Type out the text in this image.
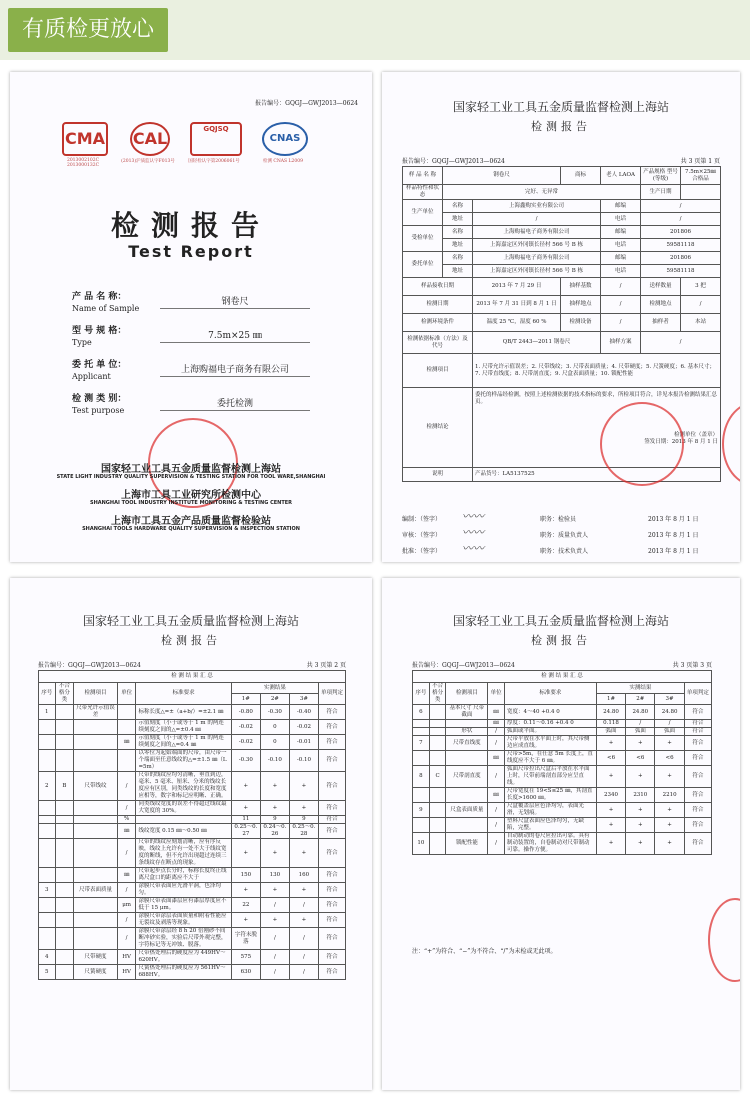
有质检更放心
报告编号：GQGJ—GWJ2013—0624
CMA
2013002102C 2013000132C
CAL
(2013)沪质监认字F013号
GQJSQ
国轻检认字第2006061号
CNAS
检测 CNAS L2009
检测报告
Test Report
产 品 名 称：
Name of Sample
钢卷尺
型 号 规 格：
Type
7.5m×25 ㎜
委 托 单 位：
Applicant
上海购福电子商务有限公司
检 测 类 别：
Test purpose
委托检测
国家轻工业工具五金质量监督检测上海站
STATE LIGHT INDUSTRY QUALITY SUPERVISION & TESTING STATION FOR TOOL WARE,SHANGHAI
上海市工具工业研究所检测中心
SHANGHAI TOOL INDUSTRY INSTITUTE MONITORING & TESTING CENTER
上海市工具五金产品质量监督检验站
SHANGHAI TOOLS HARDWARE QUALITY SUPERVISION & INSPECTION STATION
国家轻工业工具五金质量监督检测上海站
检测报告
报告编号：GQGJ—GWJ2013—0624	共 3 页第 1 页
样 品 名 称	钢卷尺		商标	老人 LAOA	产品规格 型号 (等级)	7.5m×25㎜ 合格品
样品特性和状态	完好、无异常				生产日期	
生产单位	名称	上海鑫购实业有限公司		邮编	/	
	地址	/		电话	/	
受检单位	名称	上海购福电子商务有限公司		邮编	201806	
	地址	上海嘉定区外冈镇长径村 566 号 B 栋		电话	59581118	
委托单位	名称	上海购福电子商务有限公司		邮编	201806	
	地址	上海嘉定区外冈镇长径村 566 号 B 栋		电话	59581118	
样品接收日期		2013 年 7 月 29 日	抽样基数	/	送样数量	3 把
检测日期		2013 年 7 月 31 日到 8 月 1 日	抽样地点	/	检测地点	/
检测环境条件		温度 25 ℃，湿度 60 %	检测设备	/	抽样者	本站
检测依据标准（方法）及代号		QB/T 2443—2011 钢卷尺		抽样方案	/	
检测项目		1. 尺带允许示值误差；2. 尺带线纹；3. 尺带表面质量；4. 尺带硬度；5. 尺簧硬度；6. 基本尺寸；7. 尺带直线度；8. 尺带剖直度；9. 尺盒表面质量；10. 锁配性能				
检测结论		委托的样品经检测，按照上述检测依据的技术指标的要求，所检项目符合，详见本报告检测结果汇总页。
检测单位（盖章）
签发日期：2013 年 8 月 1 日				

说明		产品货号：LA5137525				
编制：（签字） 〰〰	职务：检验员	2013 年 8 月 1 日
审核：（签字） 〰〰	职务：质量负责人	2013 年 8 月 1 日
批准：（签字） 〰〰	职务：技术负责人	2013 年 8 月 1 日
国家轻工业工具五金质量监督检测上海站
检测报告
报告编号：GQGJ—GWJ2013—0624	共 3 页第 2 页
检 测 结 果 汇 总								
序号	不合格分类	检测项目	单位	标准要求	实测结果			单项判定
					1#	2#	3#	
1		尺带允许示值误差		标称长度△=±（a+b/）=±2.1 ㎜	-0.80	-0.30	-0.40	符合
				示值刻度（小于或等于 1 m 的两连续刻度之间的△=±0.4 ㎜	-0.02	0	-0.02	符合
			㎜	示值刻度（小于或等于 1 m 的两连续刻度之间的△=0.4 ㎜	-0.02	0	-0.01	符合
				以零位为起始端面的尺带，由尺带一个端面至任意线纹的△=±1.5 ㎜（L=5m）	-0.30	-0.10	-0.10	符合
2	B	尺带线纹	/	尺带的线纹应均匀清晰，垂直到边，毫米、5 毫米、厘米、分米的线纹长度应有区别，同类线纹的长度和宽度应相等，数字和标记应明晰、正确。	+	+	+	符合
			/	同类线纹宽度的误差不得超过线纹最大宽度的 30%。	+	+	+	符合
			%		11	9	9	符合
			㎜	线纹宽度 0.15 ㎜～0.50 ㎜	0.25～0.27	0.24～0.26	0.25～0.28	符合
			/	尺带的线纹应刻划清晰，应有序反映，线纹上允许有一处不大于线纹宽度的断线，但不允许出现超过连续三条线纹存在断点的现象。	+	+	+	符合
			㎜	尺带起步点长分时，标称长度终止线离尺盒口的距离应不大于	150	130	160	符合
3		尺带表面质量	/	涂膜尺带表面应光滑平洞，色泽均匀。	+	+	+	符合
			μm	涂膜尺带表面漆层应有漆层厚度应不低于 15 μm。	22	/	/	符合
			/	涂膜尺带涂层表面质量和附着性能应无裂纹及剥落等现象。	+	+	+	符合
			/	涂膜尺带涂层经 8 h 20 倍刚砂不间断冲砂实验，实验后尺带外观完整，字符标记等无冲蚀、脱落。	字符未脱落	/	/	符合
4		尺带硬度	HV	尺带热处理后的硬度应为 449HV～620HV。	575	/	/	符合
5		尺簧硬度	HV	尺簧热处理后的硬度应为 561HV～688HV。	630	/	/	符合
国家轻工业工具五金质量监督检测上海站
检测报告
报告编号：GQGJ—GWJ2013—0624	共 3 页第 3 页
检 测 结 果 汇 总								
序号	不合格分类	检测项目	单位	标准要求	实测结果			单项判定
					1#	2#	3#	
6		基本尺寸 尺带截面	㎜	宽度：4～40 +0.4 0	24.80	24.80	24.80	符合
			㎜	厚度：0.11～0.16 +0.4 0	0.118	/	/	符合
		形状	/	弧面或平面。	弧面	弧面	弧面	符合
7		尺带直线度	/	尺带平放在水平面上时，其尺带侧边应成直线。	+	+	+	符合
			㎜	尺带>5m，在任意 5m 长度上，直线度应不大于 6 ㎜。	<6	<6	<6	符合
8	C	尺带剖直度	/	弧面尺带拉出尺盒后平放在水平面上时，尺带前端剖直部分应呈直线。	+	+	+	符合
			㎜	尺带宽度在 19<S≤25 ㎜，其剖直长度>1600 ㎜。	2340	2310	2210	符合
9		尺盒表面质量	/	尺盒覆盖层应色泽均匀，表面光滑，无划痕。	+	+	+	符合
			/	塑料尺盒表面应色泽均匀，无缺陷，完整。	+	+	+	符合
10		锁配性能	/	自动制动的卷尺应拉出可靠。具有制动装置的，自卷制动对尺带制动可靠。操作方便。	+	+	+	符合
注：“+”为符合、“−”为不符合、“/”为未检或无此项。
